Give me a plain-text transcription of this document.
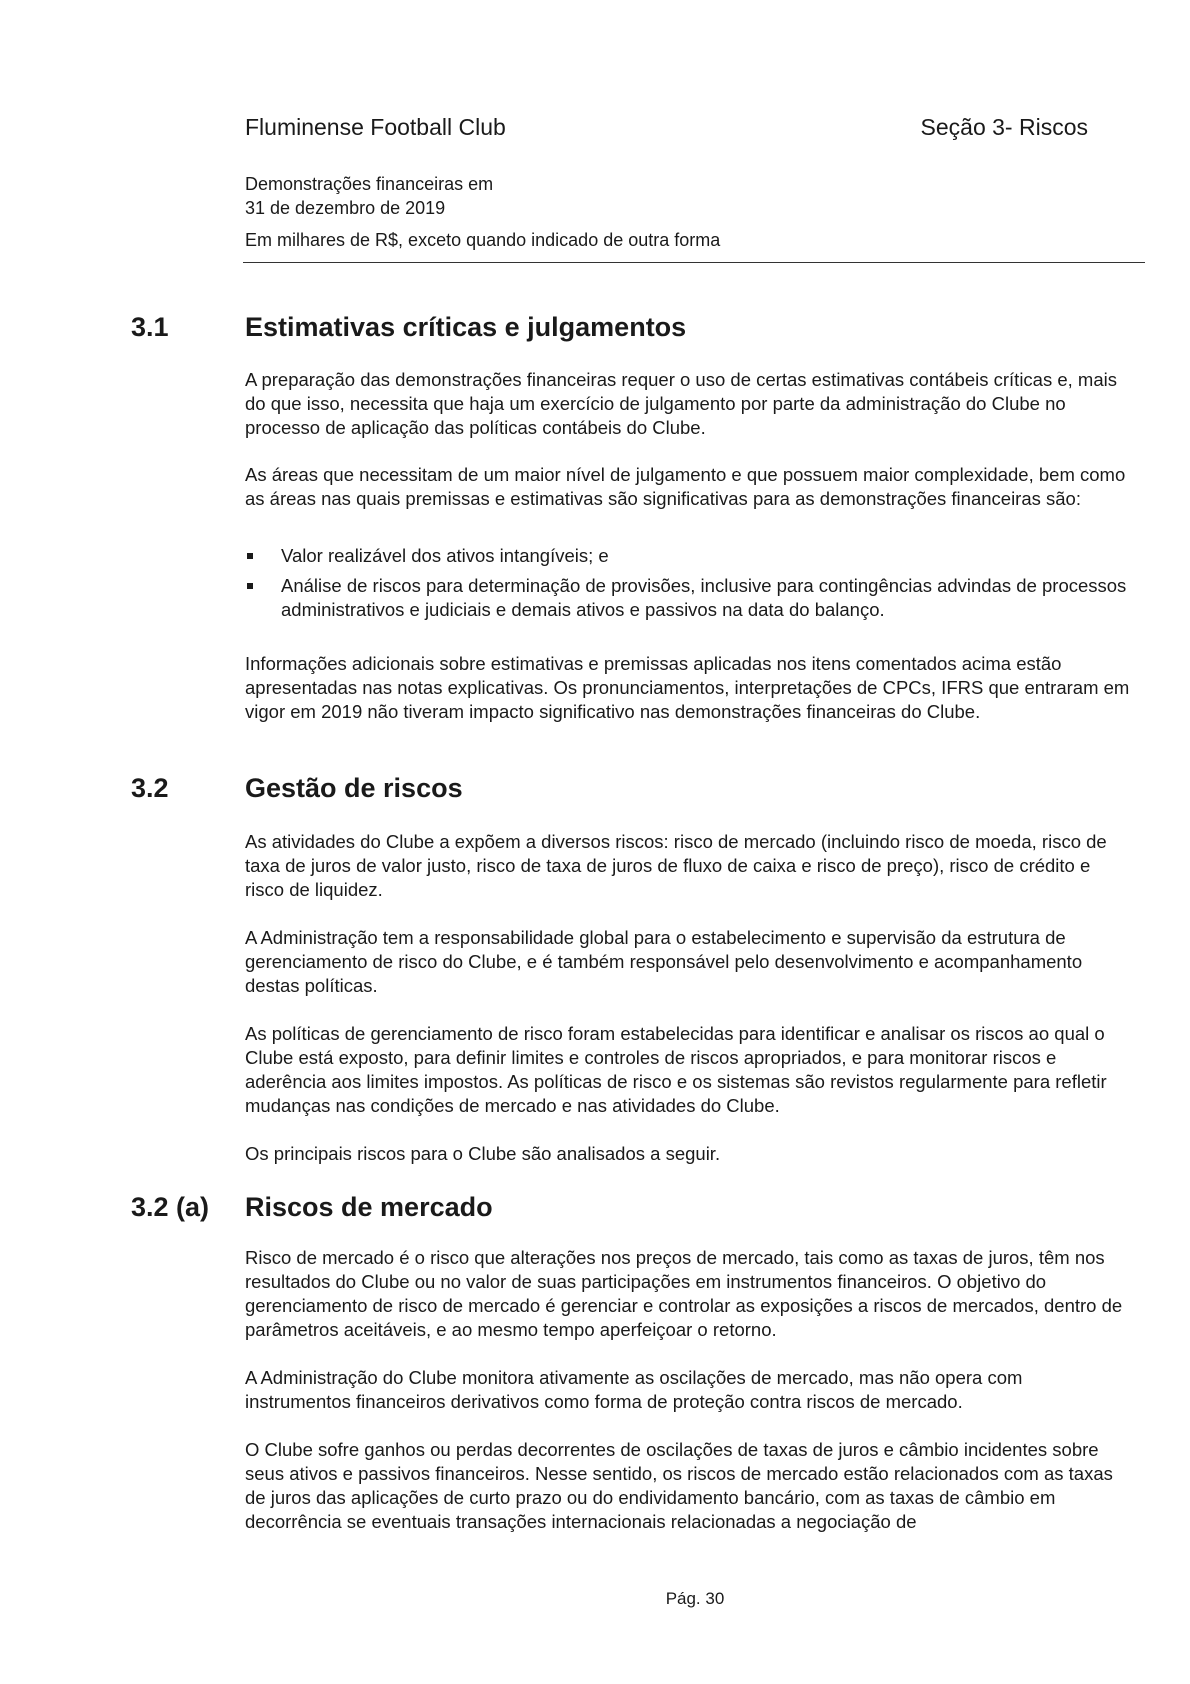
Fluminense Football Club	Seção 3- Riscos
Demonstrações financeiras em
31 de dezembro de 2019
Em milhares de R$, exceto quando indicado de outra forma
3.1	Estimativas críticas e julgamentos

A preparação das demonstrações financeiras requer o uso de certas estimativas contábeis críticas e, mais do que isso, necessita que haja um exercício de julgamento por parte da administração do Clube no processo de aplicação das políticas contábeis do Clube.

As áreas que necessitam de um maior nível de julgamento e que possuem maior complexidade, bem como as áreas nas quais premissas e estimativas são significativas para as demonstrações financeiras são:

Valor realizável dos ativos intangíveis; e
Análise de riscos para determinação de provisões, inclusive para contingências advindas de processos administrativos e judiciais e demais ativos e passivos na data do balanço.

Informações adicionais sobre estimativas e premissas aplicadas nos itens comentados acima estão apresentadas nas notas explicativas. Os pronunciamentos, interpretações de CPCs, IFRS que entraram em vigor em 2019 não tiveram impacto significativo nas demonstrações financeiras do Clube.

3.2	Gestão de riscos

As atividades do Clube a expõem a diversos riscos: risco de mercado (incluindo risco de moeda, risco de taxa de juros de valor justo, risco de taxa de juros de fluxo de caixa e risco de preço), risco de crédito e risco de liquidez.

A Administração tem a responsabilidade global para o estabelecimento e supervisão da estrutura de gerenciamento de risco do Clube, e é também responsável pelo desenvolvimento e acompanhamento destas políticas.

As políticas de gerenciamento de risco foram estabelecidas para identificar e analisar os riscos ao qual o Clube está exposto, para definir limites e controles de riscos apropriados, e para monitorar riscos e aderência aos limites impostos. As políticas de risco e os sistemas são revistos regularmente para refletir mudanças nas condições de mercado e nas atividades do Clube.

Os principais riscos para o Clube são analisados a seguir.

3.2 (a) Riscos de mercado

Risco de mercado é o risco que alterações nos preços de mercado, tais como as taxas de juros, têm nos resultados do Clube ou no valor de suas participações em instrumentos financeiros. O objetivo do gerenciamento de risco de mercado é gerenciar e controlar as exposições a riscos de mercados, dentro de parâmetros aceitáveis, e ao mesmo tempo aperfeiçoar o retorno.

A Administração do Clube monitora ativamente as oscilações de mercado, mas não opera com instrumentos financeiros derivativos como forma de proteção contra riscos de mercado.

O Clube sofre ganhos ou perdas decorrentes de oscilações de taxas de juros e câmbio incidentes sobre seus ativos e passivos financeiros. Nesse sentido, os riscos de mercado estão relacionados com as taxas de juros das aplicações de curto prazo ou do endividamento bancário, com as taxas de câmbio em decorrência se eventuais transações internacionais relacionadas a negociação de

Pág. 30
